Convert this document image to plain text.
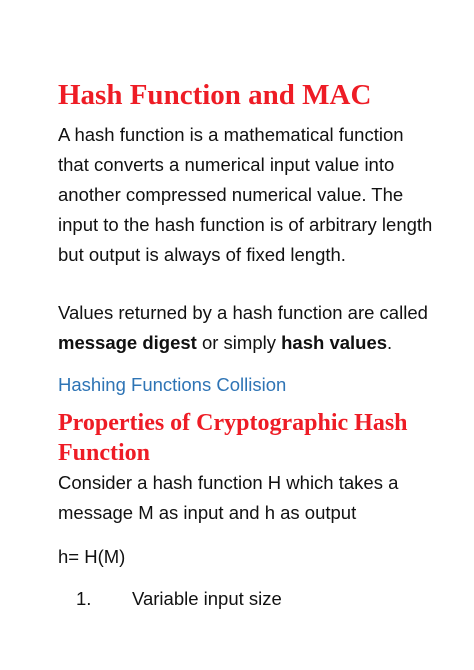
Hash Function and MAC

A hash function is a mathematical function that converts a numerical input value into another compressed numerical value. The input to the hash function is of arbitrary length but output is always of fixed length.

Values returned by a hash function are called message digest or simply hash values.

Hashing Functions Collision
Properties of Cryptographic Hash Function

Consider a hash function H which takes a message M as input and h as output

h= H(M)
1.	Variable input size
